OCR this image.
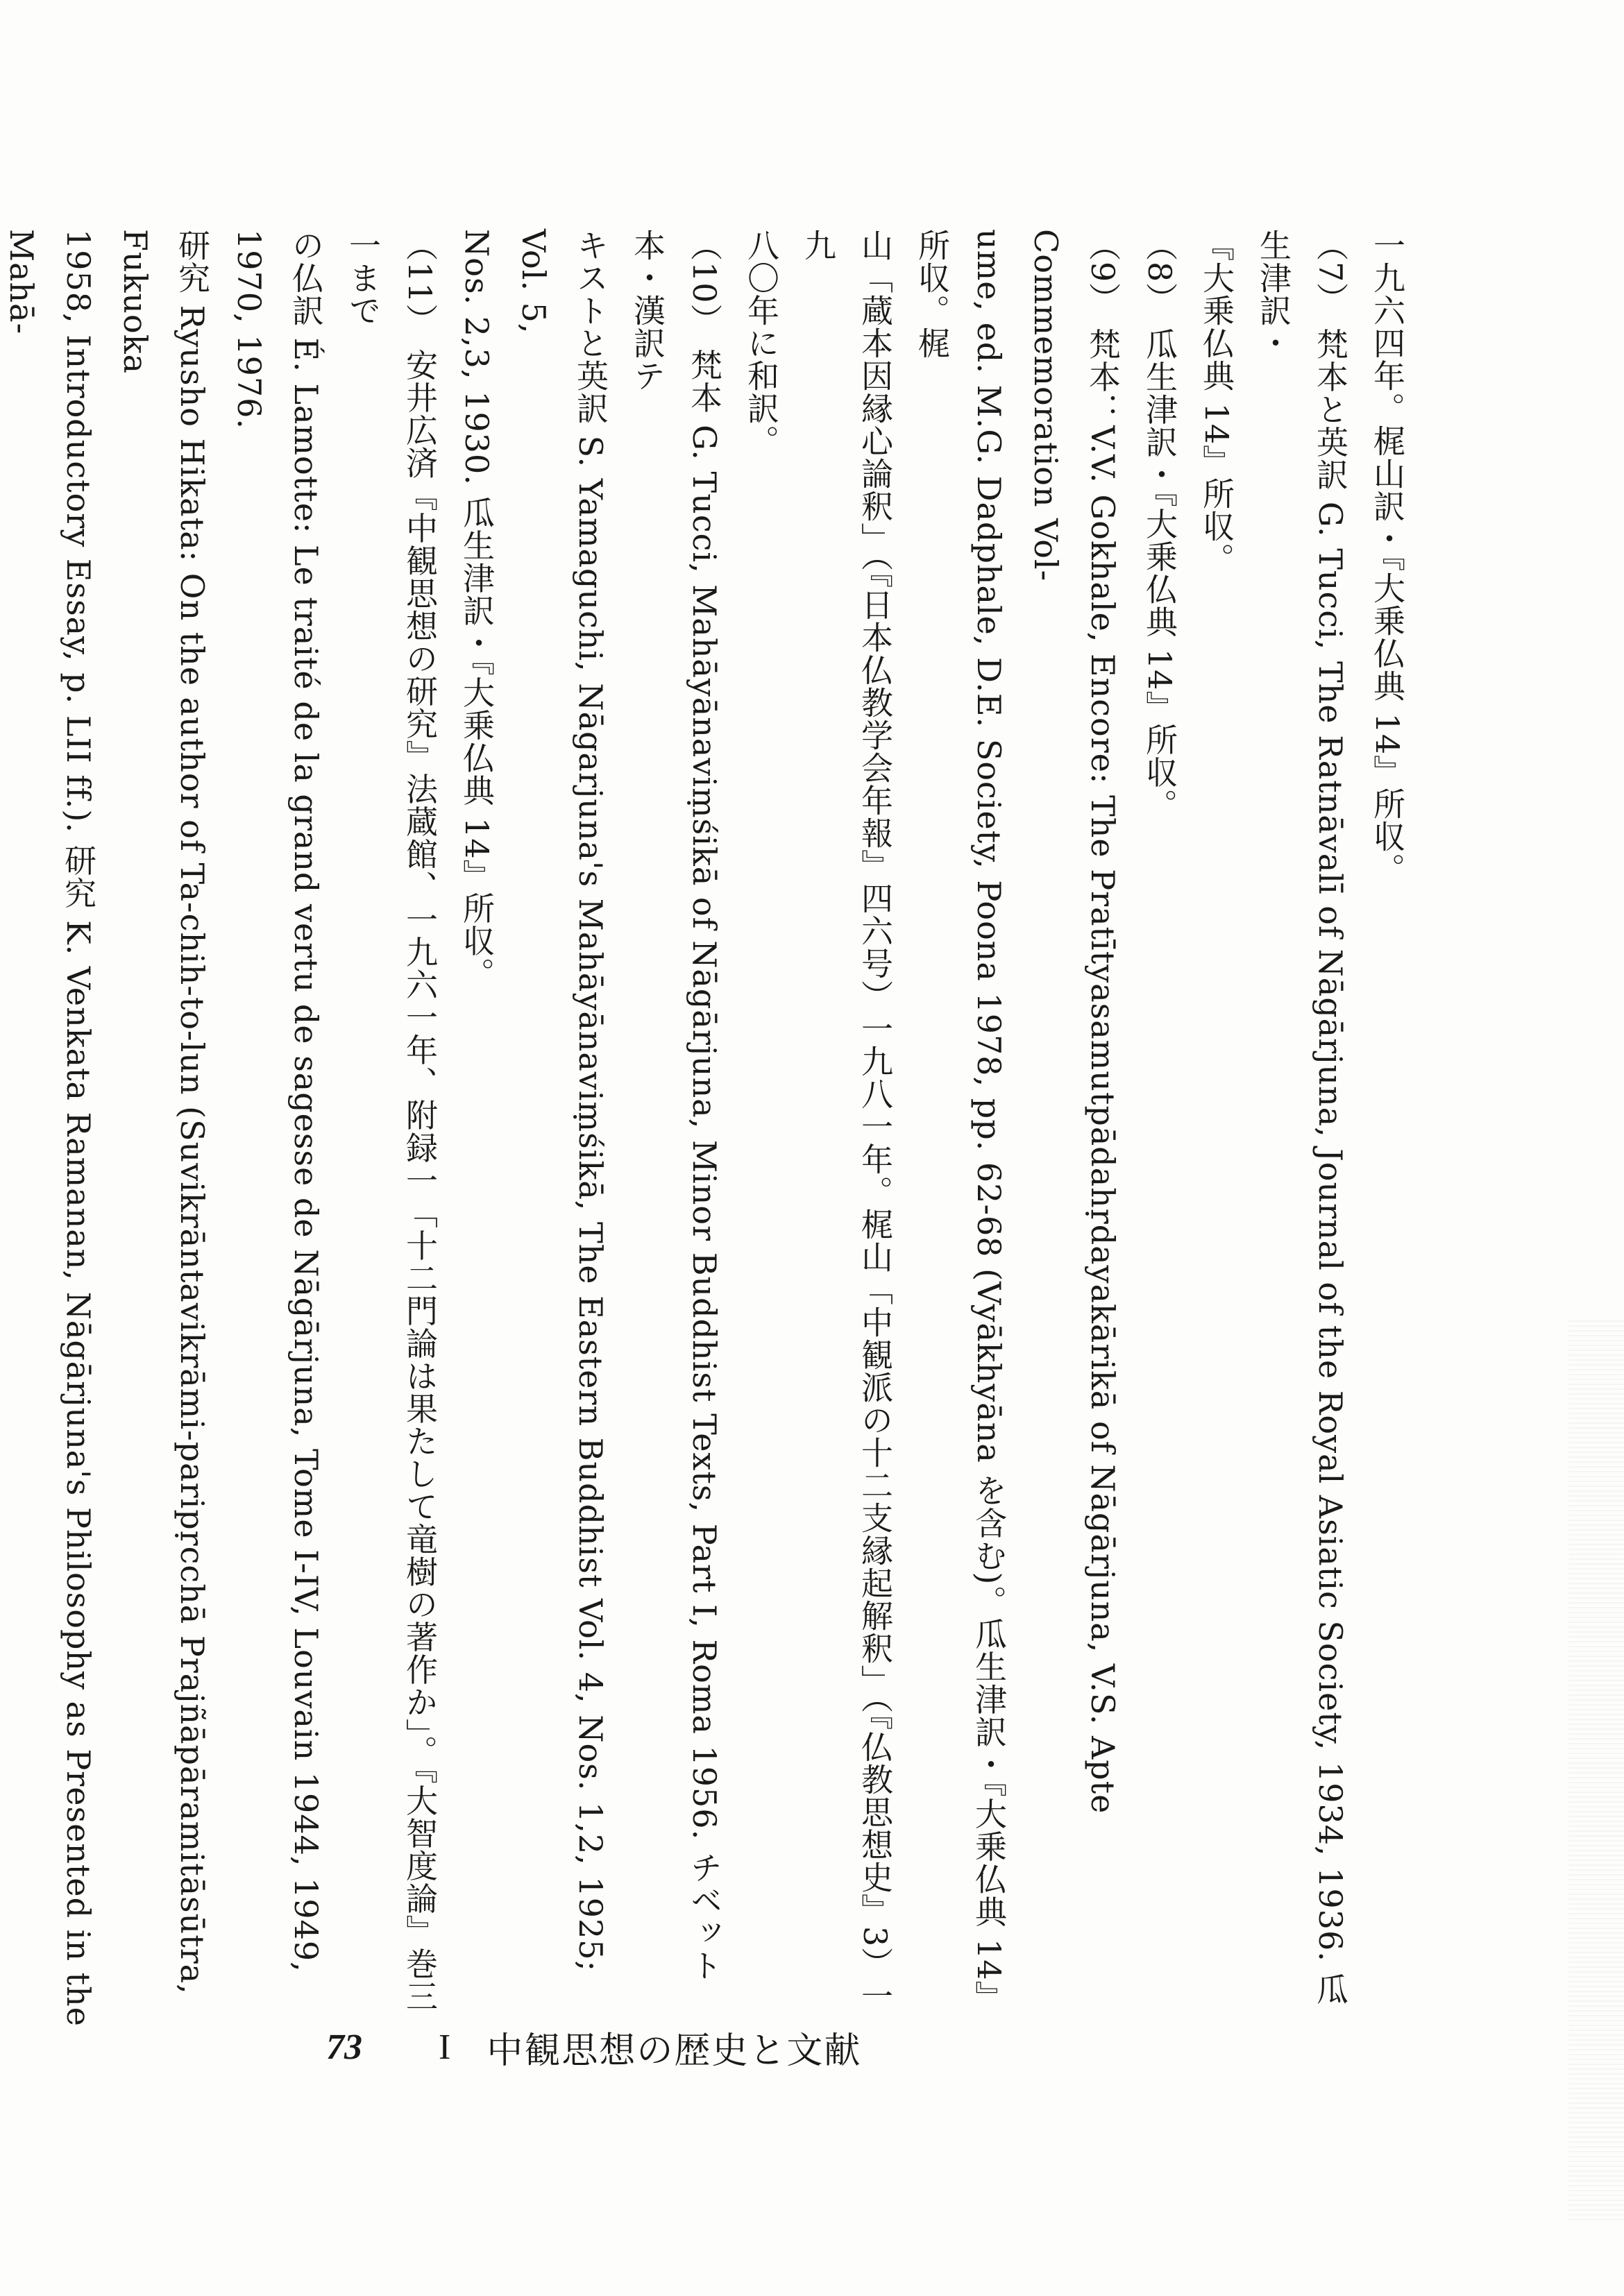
一九六四年。梶山訳・『大乗仏典 14』所収。

（7）梵本と英訳 G. Tucci, The Ratnāvalī of Nāgārjuna, Journal of the Royal Asiatic Society, 1934, 1936. 瓜生津訳・

『大乗仏典 14』所収。

（8）瓜生津訳・『大乗仏典 14』所収。

（9）梵本：V.V. Gokhale, Encore: The Pratītyasamutpādahṛdayakārikā of Nāgārjuna, V.S. Apte Commemoration Vol-

ume, ed. M.G. Dadphale, D.E. Society, Poona 1978, pp. 62-68 (Vyākhyāna を含む)。瓜生津訳・『大乗仏典 14』所収。梶

山「蔵本因縁心論釈」（『日本仏教学会年報』四六号）一九八一年。梶山「中観派の十二支縁起解釈」（『仏教思想史』3）一九

八〇年に和訳。

（10）梵本 G. Tucci, Mahāyānaviṃśikā of Nāgārjuna, Minor Buddhist Texts, Part I, Roma 1956. チベット本・漢訳テ

キストと英訳 S. Yamaguchi, Nāgarjuna's Mahāyānaviṃśikā, The Eastern Buddhist Vol. 4, Nos. 1,2, 1925; Vol. 5,

Nos. 2,3, 1930. 瓜生津訳・『大乗仏典 14』所収。

（11）安井広済『中観思想の研究』法蔵館、一九六一年、附録一「十二門論は果たして竜樹の著作か」。『大智度論』巻三一まで

の仏訳 É. Lamotte: Le traité de la grand vertu de sagesse de Nāgārjuna, Tome I-IV, Louvain 1944, 1949, 1970, 1976.

研究 Ryusho Hikata: On the author of Ta-chih-to-lun (Suvikrāntavikrāmi-paripṛcchā Prajñāpāramitāsūtra, Fukuoka

1958, Introductory Essay, p. LII ff.). 研究 K. Venkata Ramanan, Nāgārjuna's Philosophy as Presented in the Mahā-

73 I 中観思想の歴史と文献
